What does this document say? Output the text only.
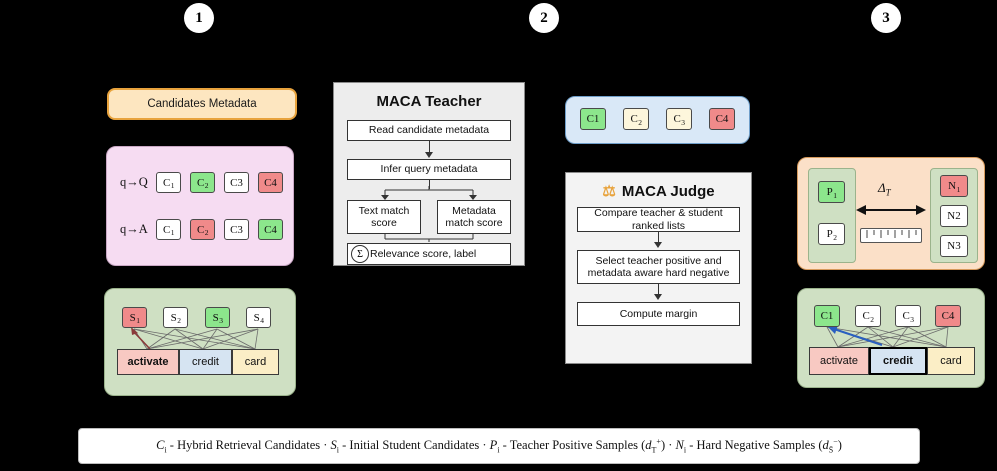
1	2	3
Candidates Metadata
q→Q $C_1$ $C_2$ C3 C4
q→A $C_1$ $C_2$ C3 C4
$S_1$	$S_2$	$S_3$	$S_4$
activate credit card
MACA Teacher
Read candidate metadata
Infer query metadata
Text match score
Metadata match score
Relevance score, label
Σ
C1	$C_2$	$C_3$	C4
⚖ MACA Judge
Compare teacher & student ranked lists
Select teacher positive and metadata aware hard negative
Compute margin
$P_1$
$P_2$
$N_1$
N2
N3
$\Delta_T$
C1	$C_2$	$C_3$	C4
activate credit card
$C_i$ - Hybrid Retrieval Candidates · $S_i$ - Initial Student Candidates · $P_i$ - Teacher Positive Samples $(d_T^+) \cdot N_i$ - Hard Negative Samples $(d_{S̄}^-)$
